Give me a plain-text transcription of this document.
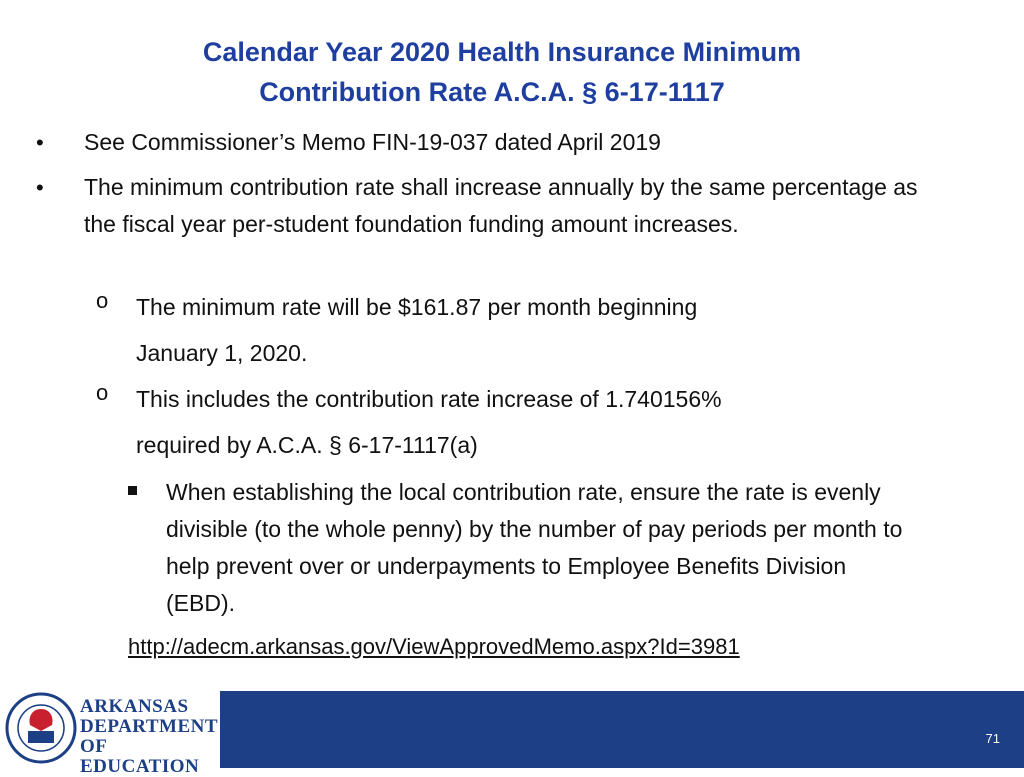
Calendar Year 2020 Health Insurance Minimum
Contribution Rate A.C.A. § 6-17-1117
• See Commissioner’s Memo FIN-19-037 dated April 2019
• The minimum contribution rate shall increase annually by the same percentage as the fiscal year per-student foundation funding amount increases.
o The minimum rate will be $161.87 per month beginning
January 1, 2020.
o This includes the contribution rate increase of 1.740156%
required by A.C.A. § 6-17-1117(a)
When establishing the local contribution rate, ensure the rate is evenly divisible (to the whole penny) by the number of pay periods per month to help prevent over or underpayments to Employee Benefits Division (EBD).
http://adecm.arkansas.gov/ViewApprovedMemo.aspx?Id=3981
ARKANSAS
DEPARTMENT
OF EDUCATION
71
